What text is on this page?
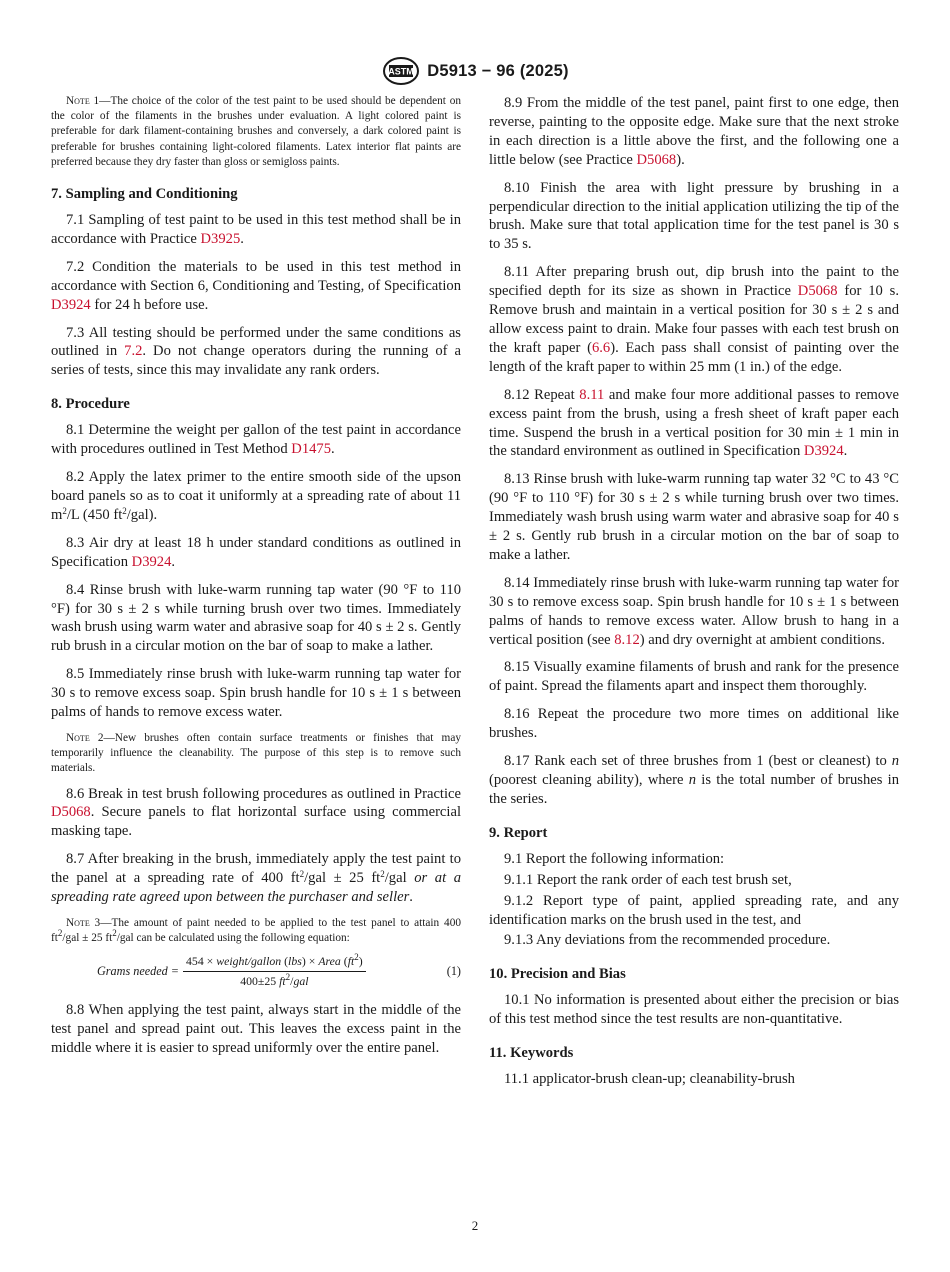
ASTM D5913 − 96 (2025)

Note 1—The choice of the color of the test paint to be used should be dependent on the color of the filaments in the brushes under evaluation. A light colored paint is preferable for dark filament-containing brushes and conversely, a dark colored paint is preferable for brushes containing light-colored filaments. Latex interior flat paints are preferred because they dry faster than gloss or semigloss paints.

7. Sampling and Conditioning

7.1 Sampling of test paint to be used in this test method shall be in accordance with Practice D3925.

7.2 Condition the materials to be used in this test method in accordance with Section 6, Conditioning and Testing, of Specification D3924 for 24 h before use.

7.3 All testing should be performed under the same conditions as outlined in 7.2. Do not change operators during the running of a series of tests, since this may invalidate any rank orders.

8. Procedure

8.1 Determine the weight per gallon of the test paint in accordance with procedures outlined in Test Method D1475.

8.2 Apply the latex primer to the entire smooth side of the upson board panels so as to coat it uniformly at a spreading rate of about 11 $m^2/L$ (450 $ft^2/gal$).

8.3 Air dry at least 18 h under standard conditions as outlined in Specification D3924.

8.4 Rinse brush with luke-warm running tap water (90 °F to 110 °F) for 30 s ± 2 s while turning brush over two times. Immediately wash brush using warm water and abrasive soap for 40 s ± 2 s. Gently rub brush in a circular motion on the bar of soap to make a lather.

8.5 Immediately rinse brush with luke-warm running tap water for 30 s to remove excess soap. Spin brush handle for 10 s ± 1 s between palms of hands to remove excess water.

Note 2—New brushes often contain surface treatments or finishes that may temporarily influence the cleanability. The purpose of this step is to remove such materials.

8.6 Break in test brush following procedures as outlined in Practice D5068. Secure panels to flat horizontal surface using commercial masking tape.

8.7 After breaking in the brush, immediately apply the test paint to the panel at a spreading rate of 400 $ft^2$/gal ± 25 $ft^2$/gal or at a spreading rate agreed upon between the purchaser and seller.

Note 3—The amount of paint needed to be applied to the test panel to attain 400 $ft^2$/gal ± 25 $ft^2$/gal can be calculated using the following equation:

Grams needed = $\frac{454 \times weight/gallon (lbs) \times Area (ft^2)}{400\pm 25 ft^2/gal}$	(1)

8.8 When applying the test paint, always start in the middle of the test panel and spread paint out. This leaves the excess paint in the middle where it is easier to spread uniformly over the entire panel.

8.9 From the middle of the test panel, paint first to one edge, then reverse, painting to the opposite edge. Make sure that the next stroke in each direction is a little above the first, and the following one a little below (see Practice D5068).

8.10 Finish the area with light pressure by brushing in a perpendicular direction to the initial application utilizing the tip of the brush. Make sure that total application time for the test panel is 30 s to 35 s.

8.11 After preparing brush out, dip brush into the paint to the specified depth for its size as shown in Practice D5068 for 10 s. Remove brush and maintain in a vertical position for 30 s ± 2 s and allow excess paint to drain. Make four passes with each test brush on the kraft paper (6.6). Each pass shall consist of painting over the length of the kraft paper to within 25 mm (1 in.) of the edge.

8.12 Repeat 8.11 and make four more additional passes to remove excess paint from the brush, using a fresh sheet of kraft paper each time. Suspend the brush in a vertical position for 30 min ± 1 min in the standard environment as outlined in Specification D3924.

8.13 Rinse brush with luke-warm running tap water 32 °C to 43 °C (90 °F to 110 °F) for 30 s ± 2 s while turning brush over two times. Immediately wash brush using warm water and abrasive soap for 40 s ± 2 s. Gently rub brush in a circular motion on the bar of soap to make a lather.

8.14 Immediately rinse brush with luke-warm running tap water for 30 s to remove excess soap. Spin brush handle for 10 s ± 1 s between palms of hands to remove excess water. Allow brush to hang in a vertical position (see 8.12) and dry overnight at ambient conditions.

8.15 Visually examine filaments of brush and rank for the presence of paint. Spread the filaments apart and inspect them thoroughly.

8.16 Repeat the procedure two more times on additional like brushes.

8.17 Rank each set of three brushes from 1 (best or cleanest) to n (poorest cleaning ability), where n is the total number of brushes in the series.

9. Report

9.1 Report the following information:

9.1.1 Report the rank order of each test brush set,

9.1.2 Report type of paint, applied spreading rate, and any identification marks on the brush used in the test, and

9.1.3 Any deviations from the recommended procedure.

10. Precision and Bias

10.1 No information is presented about either the precision or bias of this test method since the test results are non-quantitative.

11. Keywords

11.1 applicator-brush clean-up; cleanability-brush

2
